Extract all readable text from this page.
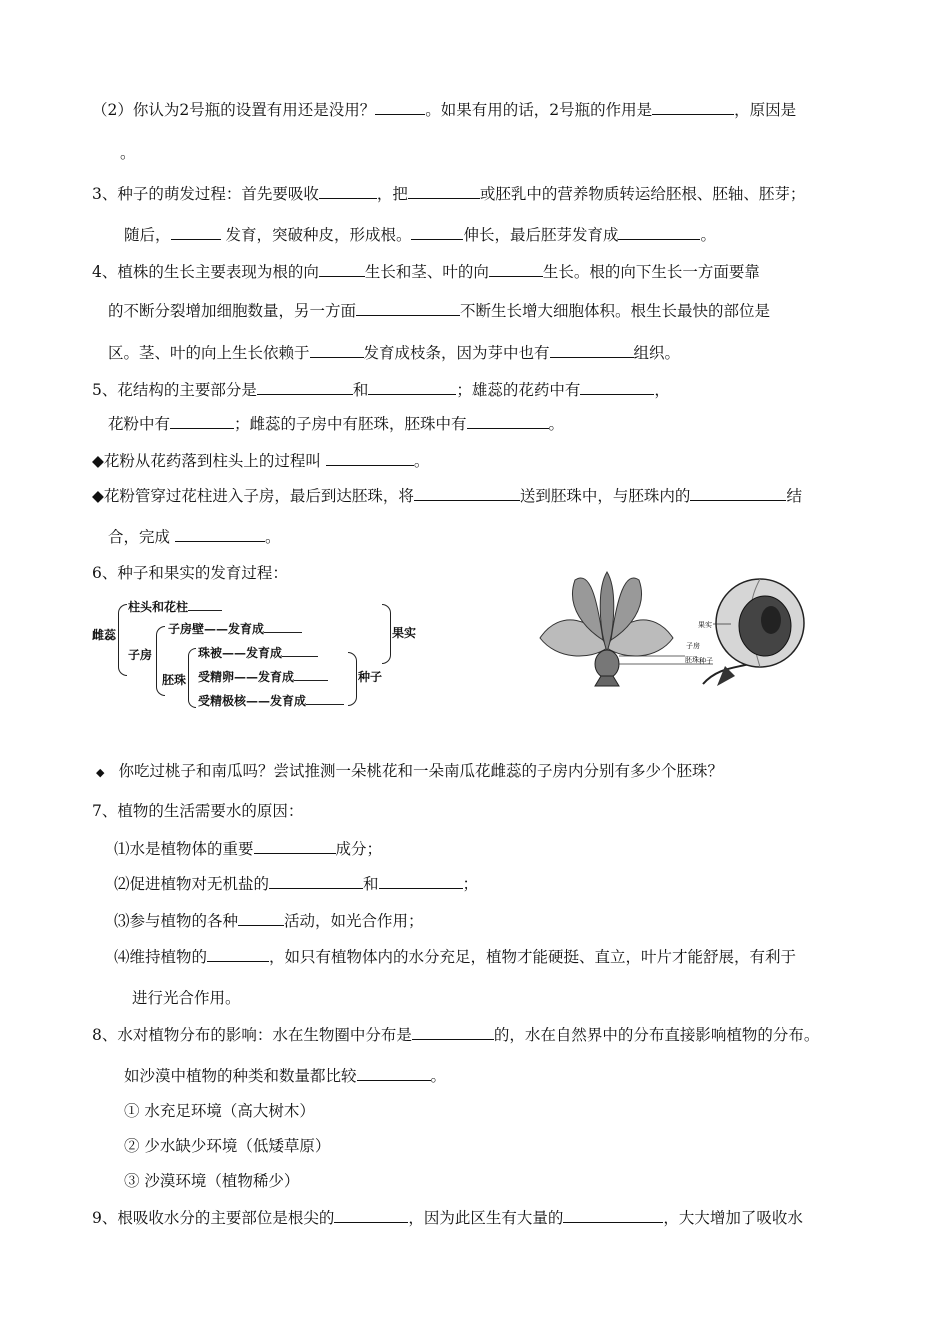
（2）你认为2号瓶的设置有用还是没用？	。如果有用的话，2号瓶的作用是	，原因是
。
3、种子的萌发过程：首先要吸收	，把	或胚乳中的营养物质转运给胚根、胚轴、胚芽；
随后，	发育，突破种皮，形成根。	伸长，最后胚芽发育成	。
4、植株的生长主要表现为根的向	生长和茎、叶的向	生长。根的向下生长一方面要靠
的不断分裂增加细胞数量，另一方面	不断生长增大细胞体积。根生长最快的部位是
区。茎、叶的向上生长依赖于	发育成枝条，因为芽中也有	组织。
5、花结构的主要部分是	和	；雄蕊的花药中有	，
花粉中有	；雌蕊的子房中有胚珠，胚珠中有	。
◆花粉从花药落到柱头上的过程叫	。
◆花粉管穿过花柱进入子房，最后到达胚珠，将	送到胚珠中，与胚珠内的	结
合，完成	。
6、种子和果实的发育过程：
雌蕊
柱头和花柱
子房
子房壁——发育成
胚珠
珠被——发育成
受精卵——发育成
受精极核——发育成
种子
果实
子房
胚珠
果实
种子
◆ 你吃过桃子和南瓜吗？尝试推测一朵桃花和一朵南瓜花雌蕊的子房内分别有多少个胚珠？
7、植物的生活需要水的原因：
⑴水是植物体的重要	成分；
⑵促进植物对无机盐的	和	；
⑶参与植物的各种	活动，如光合作用；
⑷维持植物的	，如只有植物体内的水分充足，植物才能硬挺、直立，叶片才能舒展，有利于
进行光合作用。
8、水对植物分布的影响：水在生物圈中分布是	的，水在自然界中的分布直接影响植物的分布。
如沙漠中植物的种类和数量都比较	。
① 水充足环境（高大树木）
② 少水缺少环境（低矮草原）
③ 沙漠环境（植物稀少）
9、根吸收水分的主要部位是根尖的	，因为此区生有大量的	，大大增加了吸收水
